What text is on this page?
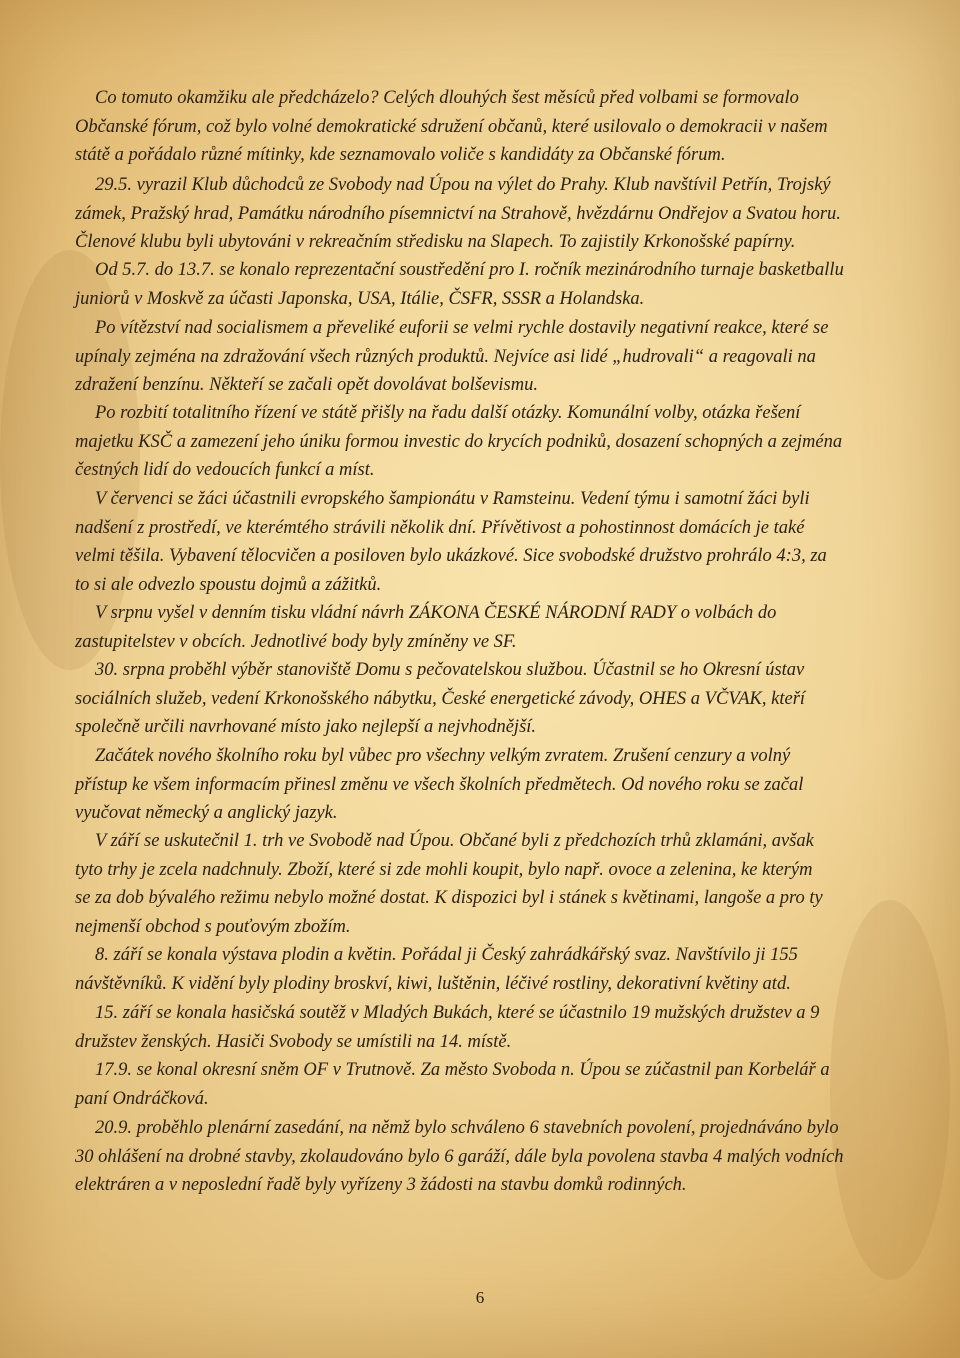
Co tomuto okamžiku ale předcházelo? Celých dlouhých šest měsíců před volbami se formovalo
Občanské fórum, což bylo volné demokratické sdružení občanů, které usilovalo o demokracii v našem
státě a pořádalo různé mítinky, kde seznamovalo voliče s kandidáty za Občanské fórum.
29.5. vyrazil Klub důchodců ze Svobody nad Úpou na výlet do Prahy. Klub navštívil Petřín, Trojský
zámek, Pražský hrad, Památku národního písemnictví na Strahově, hvězdárnu Ondřejov a Svatou horu.
Členové klubu byli ubytováni v rekreačním středisku na Slapech. To zajistily Krkonošské papírny.
Od 5.7. do 13.7. se konalo reprezentační soustředění pro I. ročník mezinárodního turnaje basketballu
juniorů v Moskvě za účasti Japonska, USA, Itálie, ČSFR, SSSR a Holandska.
Po vítězství nad socialismem a převeliké euforii se velmi rychle dostavily negativní reakce, které se
upínaly zejména na zdražování všech různých produktů. Nejvíce asi lidé „hudrovali“ a reagovali na
zdražení benzínu. Někteří se začali opět dovolávat bolševismu.
Po rozbití totalitního řízení ve státě přišly na řadu další otázky. Komunální volby, otázka řešení
majetku KSČ a zamezení jeho úniku formou investic do krycích podniků, dosazení schopných a zejména
čestných lidí do vedoucích funkcí a míst.
V červenci se žáci účastnili evropského šampionátu v Ramsteinu. Vedení týmu i samotní žáci byli
nadšení z prostředí, ve kterémtého strávili několik dní. Přívětivost a pohostinnost domácích je také
velmi těšila. Vybavení tělocvičen a posiloven bylo ukázkové. Sice svobodské družstvo prohrálo 4:3, za
to si ale odvezlo spoustu dojmů a zážitků.
V srpnu vyšel v denním tisku vládní návrh ZÁKONA ČESKÉ NÁRODNÍ RADY o volbách do
zastupitelstev v obcích. Jednotlivé body byly zmíněny ve SF.
30. srpna proběhl výběr stanoviště Domu s pečovatelskou službou. Účastnil se ho Okresní ústav
sociálních služeb, vedení Krkonošského nábytku, České energetické závody, OHES a VČVAK, kteří
společně určili navrhované místo jako nejlepší a nejvhodnější.
Začátek nového školního roku byl vůbec pro všechny velkým zvratem. Zrušení cenzury a volný
přístup ke všem informacím přinesl změnu ve všech školních předmětech. Od nového roku se začal
vyučovat německý a anglický jazyk.
V září se uskutečnil 1. trh ve Svobodě nad Úpou. Občané byli z předchozích trhů zklamáni, avšak
tyto trhy je zcela nadchnuly. Zboží, které si zde mohli koupit, bylo např. ovoce a zelenina, ke kterým
se za dob bývalého režimu nebylo možné dostat. K dispozici byl i stánek s květinami, langoše a pro ty
nejmenší obchod s pouťovým zbožím.
8. září se konala výstava plodin a květin. Pořádal ji Český zahrádkářský svaz. Navštívilo ji 155
návštěvníků. K vidění byly plodiny broskví, kiwi, luštěnin, léčivé rostliny, dekorativní květiny atd.
15. září se konala hasičská soutěž v Mladých Bukách, které se účastnilo 19 mužských družstev a 9
družstev ženských. Hasiči Svobody se umístili na 14. místě.
17.9. se konal okresní sněm OF v Trutnově. Za město Svoboda n. Úpou se zúčastnil pan Korbelář a
paní Ondráčková.
20.9. proběhlo plenární zasedání, na němž bylo schváleno 6 stavebních povolení, projednáváno bylo
30 ohlášení na drobné stavby, zkolaudováno bylo 6 garáží, dále byla povolena stavba 4 malých vodních
elektráren a v neposlední řadě byly vyřízeny 3 žádosti na stavbu domků rodinných.
6
